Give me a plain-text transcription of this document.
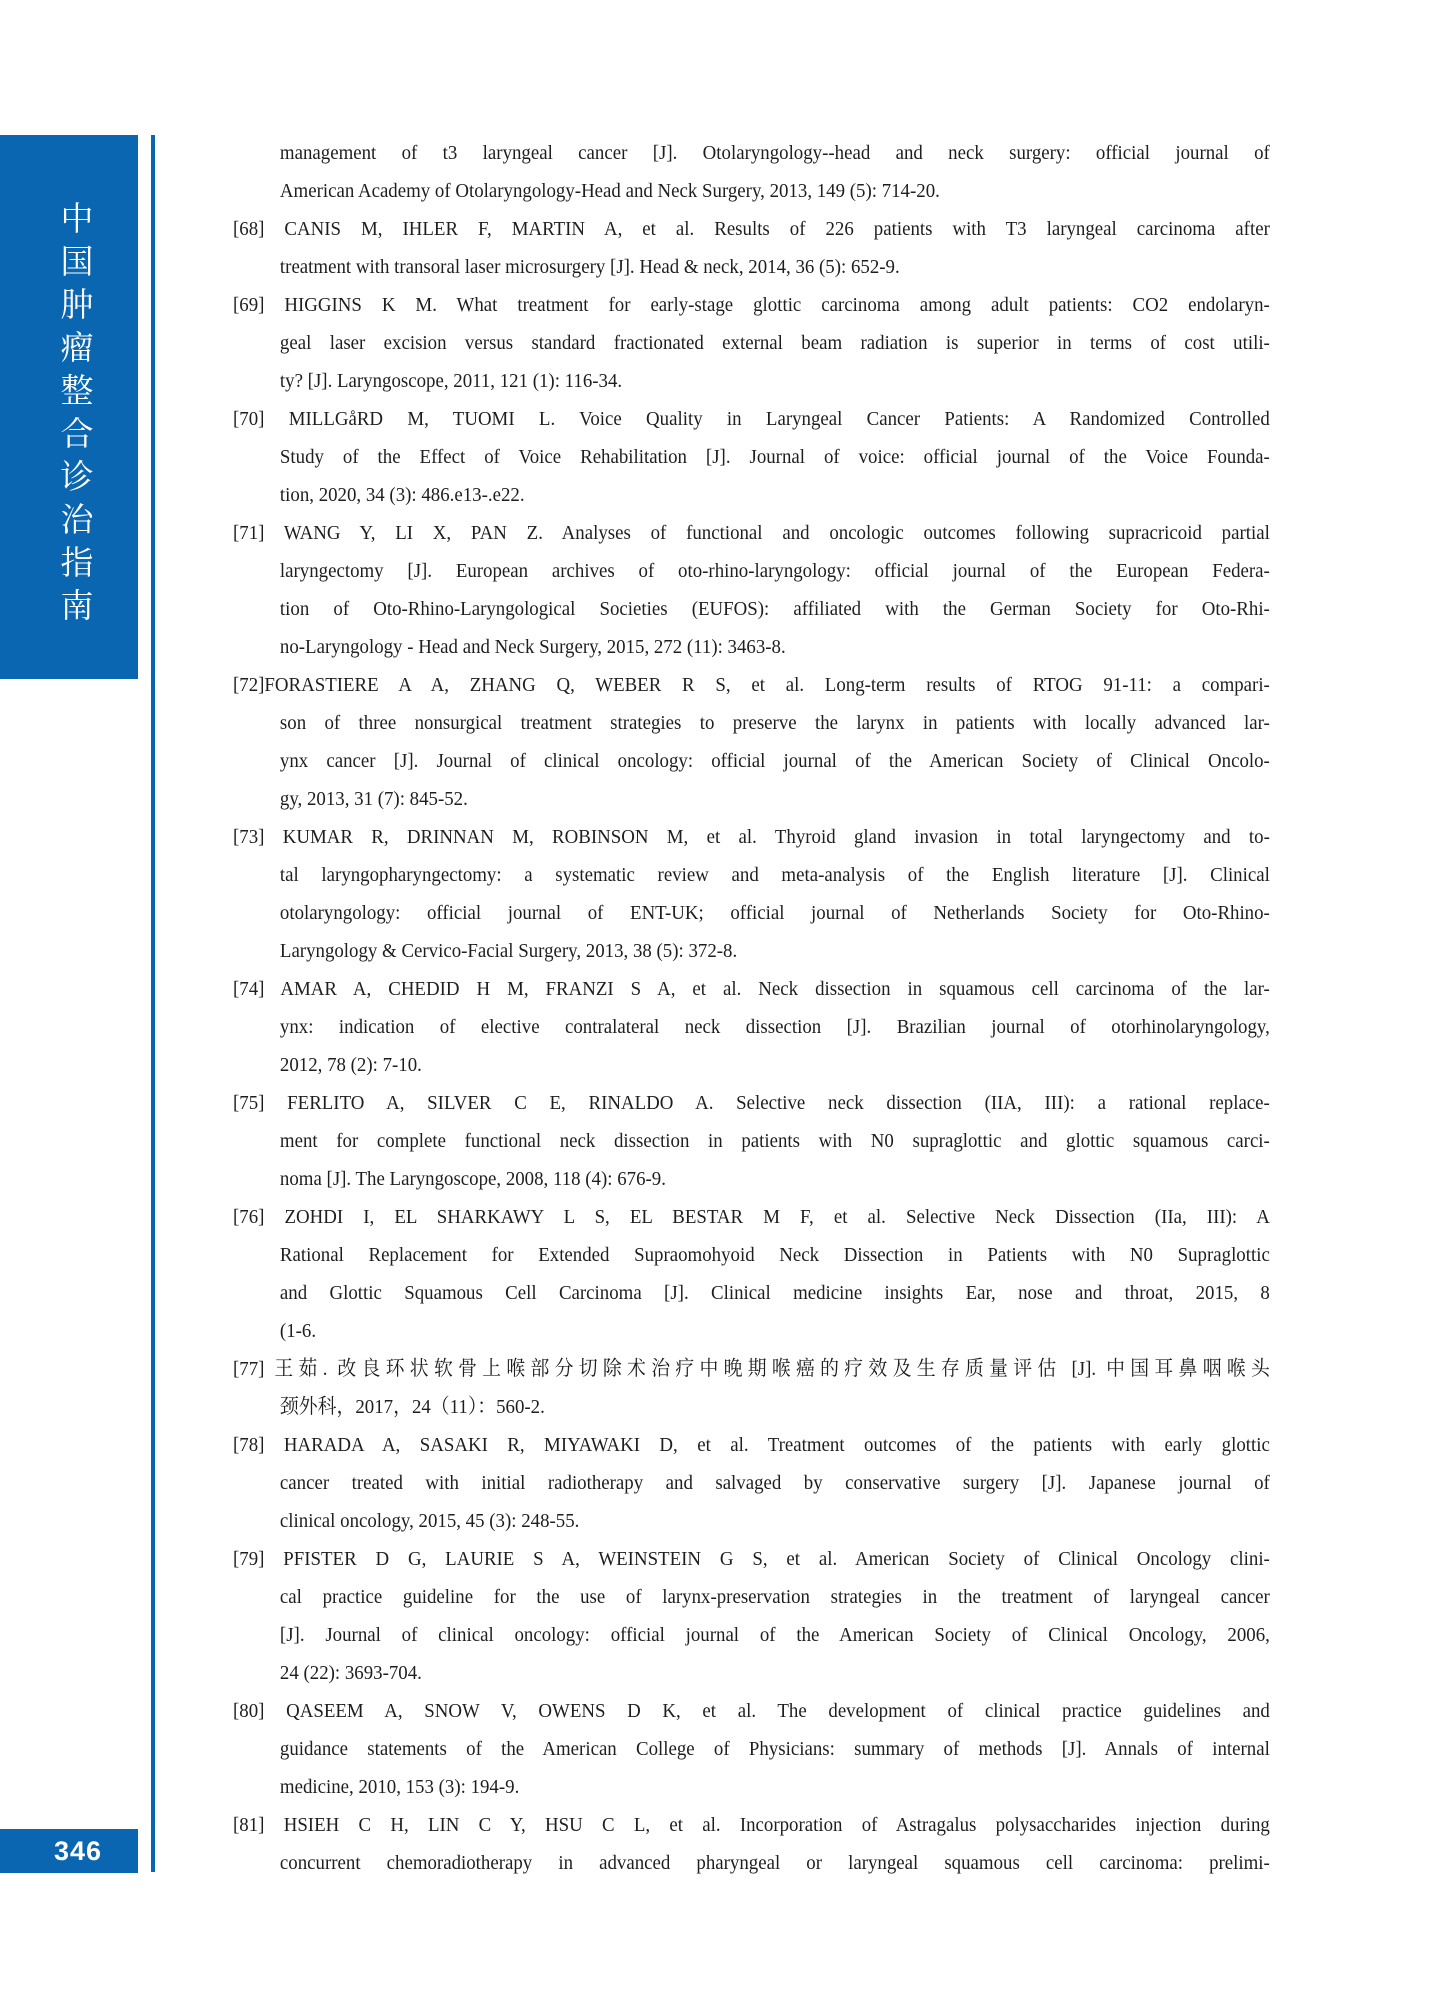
中
国
肿
瘤
整
合
诊
治
指
南
management of t3 laryngeal cancer [J]. Otolaryngology--head and neck surgery: official journal of
American Academy of Otolaryngology-Head and Neck Surgery, 2013, 149 (5): 714-20.
[68] CANIS M, IHLER F, MARTIN A, et al. Results of 226 patients with T3 laryngeal carcinoma after
treatment with transoral laser microsurgery [J]. Head & neck, 2014, 36 (5): 652-9.
[69] HIGGINS K M. What treatment for early-stage glottic carcinoma among adult patients: CO2 endolaryn-
geal laser excision versus standard fractionated external beam radiation is superior in terms of cost utili-
ty? [J]. Laryngoscope, 2011, 121 (1): 116-34.
[70] MILLGåRD M, TUOMI L. Voice Quality in Laryngeal Cancer Patients: A Randomized Controlled
Study of the Effect of Voice Rehabilitation [J]. Journal of voice: official journal of the Voice Founda-
tion, 2020, 34 (3): 486.e13-.e22.
[71] WANG Y, LI X, PAN Z. Analyses of functional and oncologic outcomes following supracricoid partial
laryngectomy [J]. European archives of oto-rhino-laryngology: official journal of the European Federa-
tion of Oto-Rhino-Laryngological Societies (EUFOS): affiliated with the German Society for Oto-Rhi-
no-Laryngology - Head and Neck Surgery, 2015, 272 (11): 3463-8.
[72]FORASTIERE A A, ZHANG Q, WEBER R S, et al. Long-term results of RTOG 91-11: a compari-
son of three nonsurgical treatment strategies to preserve the larynx in patients with locally advanced lar-
ynx cancer [J]. Journal of clinical oncology: official journal of the American Society of Clinical Oncolo-
gy, 2013, 31 (7): 845-52.
[73] KUMAR R, DRINNAN M, ROBINSON M, et al. Thyroid gland invasion in total laryngectomy and to-
tal laryngopharyngectomy: a systematic review and meta-analysis of the English literature [J]. Clinical
otolaryngology: official journal of ENT-UK; official journal of Netherlands Society for Oto-Rhino-
Laryngology & Cervico-Facial Surgery, 2013, 38 (5): 372-8.
[74] AMAR A, CHEDID H M, FRANZI S A, et al. Neck dissection in squamous cell carcinoma of the lar-
ynx: indication of elective contralateral neck dissection [J]. Brazilian journal of otorhinolaryngology,
2012, 78 (2): 7-10.
[75] FERLITO A, SILVER C E, RINALDO A. Selective neck dissection (IIA, III): a rational replace-
ment for complete functional neck dissection in patients with N0 supraglottic and glottic squamous carci-
noma [J]. The Laryngoscope, 2008, 118 (4): 676-9.
[76] ZOHDI I, EL SHARKAWY L S, EL BESTAR M F, et al. Selective Neck Dissection (IIa, III): A
Rational Replacement for Extended Supraomohyoid Neck Dissection in Patients with N0 Supraglottic
and Glottic Squamous Cell Carcinoma [J]. Clinical medicine insights Ear, nose and throat, 2015, 8
(1-6.
[77] 王茹. 改良环状软骨上喉部分切除术治疗中晚期喉癌的疗效及生存质量评估 [J]. 中国耳鼻咽喉头
颈外科，2017，24（11）：560-2.
[78] HARADA A, SASAKI R, MIYAWAKI D, et al. Treatment outcomes of the patients with early glottic
cancer treated with initial radiotherapy and salvaged by conservative surgery [J]. Japanese journal of
clinical oncology, 2015, 45 (3): 248-55.
[79] PFISTER D G, LAURIE S A, WEINSTEIN G S, et al. American Society of Clinical Oncology clini-
cal practice guideline for the use of larynx-preservation strategies in the treatment of laryngeal cancer
[J]. Journal of clinical oncology: official journal of the American Society of Clinical Oncology, 2006,
24 (22): 3693-704.
[80] QASEEM A, SNOW V, OWENS D K, et al. The development of clinical practice guidelines and
guidance statements of the American College of Physicians: summary of methods [J]. Annals of internal
medicine, 2010, 153 (3): 194-9.
[81] HSIEH C H, LIN C Y, HSU C L, et al. Incorporation of Astragalus polysaccharides injection during
concurrent chemoradiotherapy in advanced pharyngeal or laryngeal squamous cell carcinoma: prelimi-
346
